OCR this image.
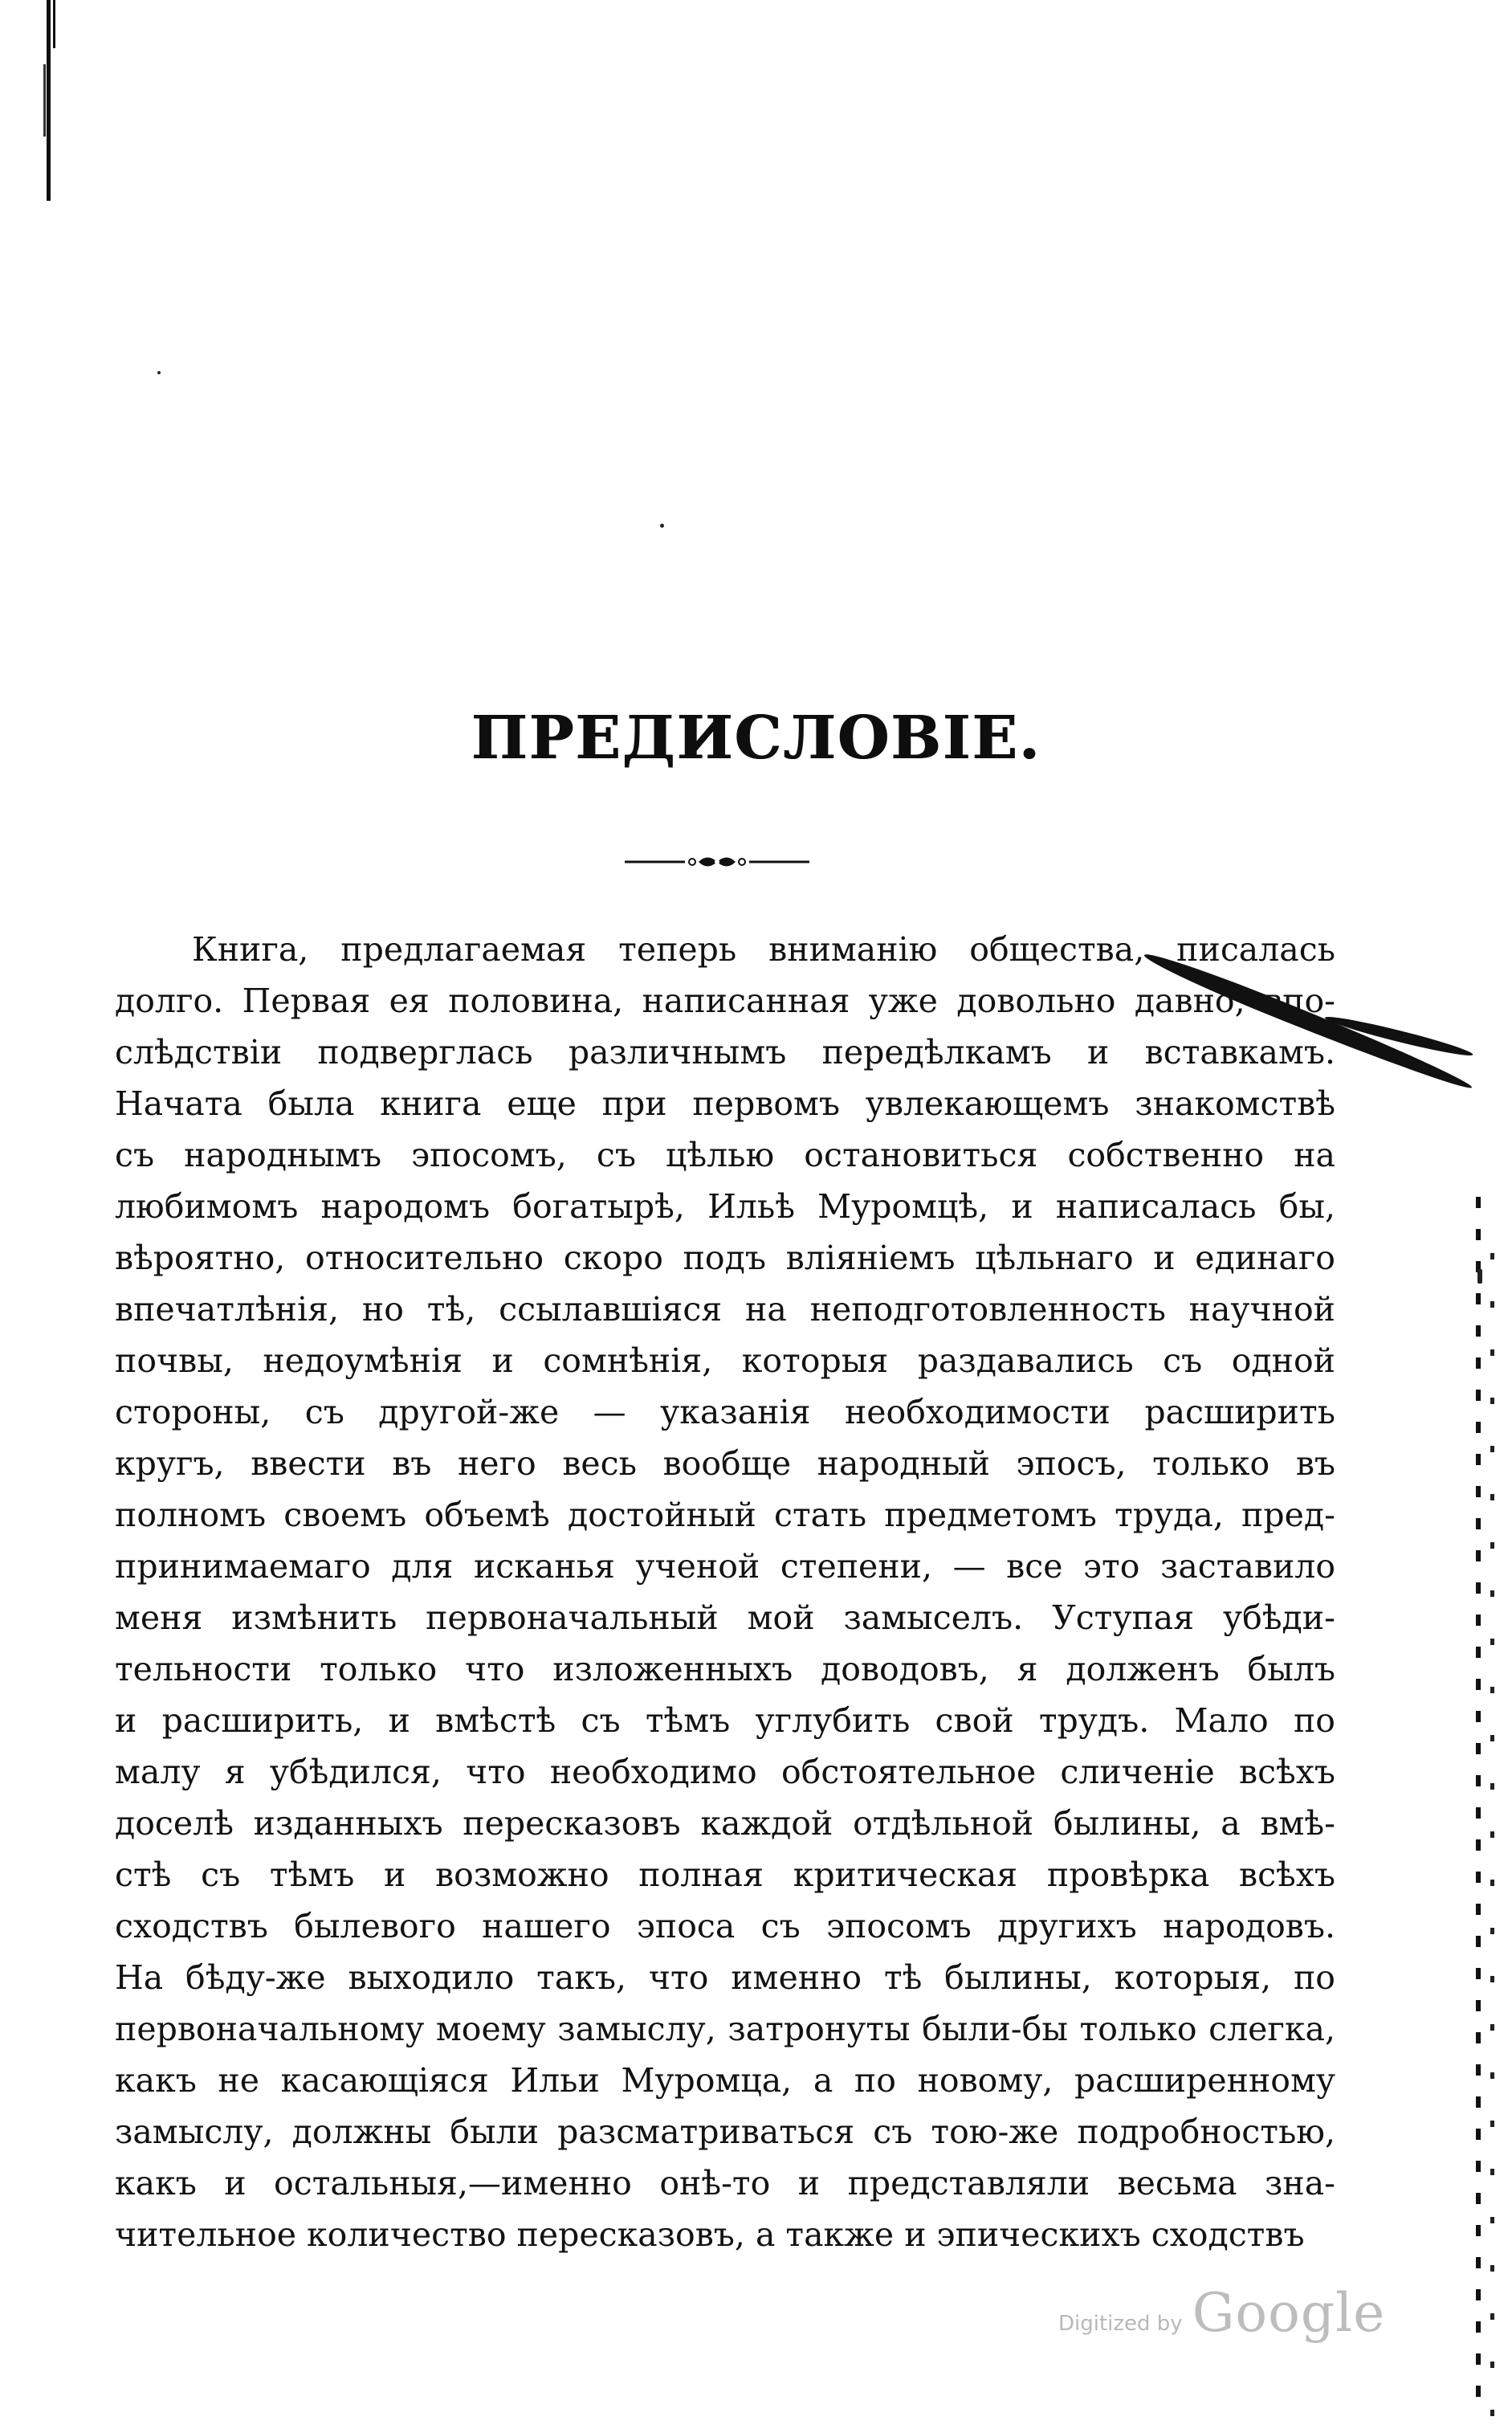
ПРЕДИСЛОВІЕ.
Книга, предлагаемая теперь вниманію общества, писалась
долго. Первая ея половина, написанная уже довольно давно, впо-
слѣдствіи подверглась различнымъ передѣлкамъ и вставкамъ.
Начата была книга еще при первомъ увлекающемъ знакомствѣ
съ народнымъ эпосомъ, съ цѣлью остановиться собственно на
любимомъ народомъ богатырѣ, Ильѣ Муромцѣ, и написалась бы,
вѣроятно, относительно скоро подъ вліяніемъ цѣльнаго и единаго
впечатлѣнія, но тѣ, ссылавшіяся на неподготовленность научной
почвы, недоумѣнія и сомнѣнія, которыя раздавались съ одной
стороны, съ другой-же — указанія необходимости расширить
кругъ, ввести въ него весь вообще народный эпосъ, только въ
полномъ своемъ объемѣ достойный стать предметомъ труда, пред-
принимаемаго для исканья ученой степени, — все это заставило
меня измѣнить первоначальный мой замыселъ. Уступая убѣди-
тельности только что изложенныхъ доводовъ, я долженъ былъ
и расширить, и вмѣстѣ съ тѣмъ углубить свой трудъ. Мало по
малу я убѣдился, что необходимо обстоятельное сличеніе всѣхъ
доселѣ изданныхъ пересказовъ каждой отдѣльной былины, а вмѣ-
стѣ съ тѣмъ и возможно полная критическая провѣрка всѣхъ
сходствъ былевого нашего эпоса съ эпосомъ другихъ народовъ.
На бѣду-же выходило такъ, что именно тѣ былины, которыя, по
первоначальному моему замыслу, затронуты были-бы только слегка,
какъ не касающіяся Ильи Муромца, а по новому, расширенному
замыслу, должны были разсматриваться съ тою-же подробностью,
какъ и остальныя,—именно онѣ-то и представляли весьма зна-
чительное количество пересказовъ, а также и эпическихъ сходствъ
Digitized by Google
